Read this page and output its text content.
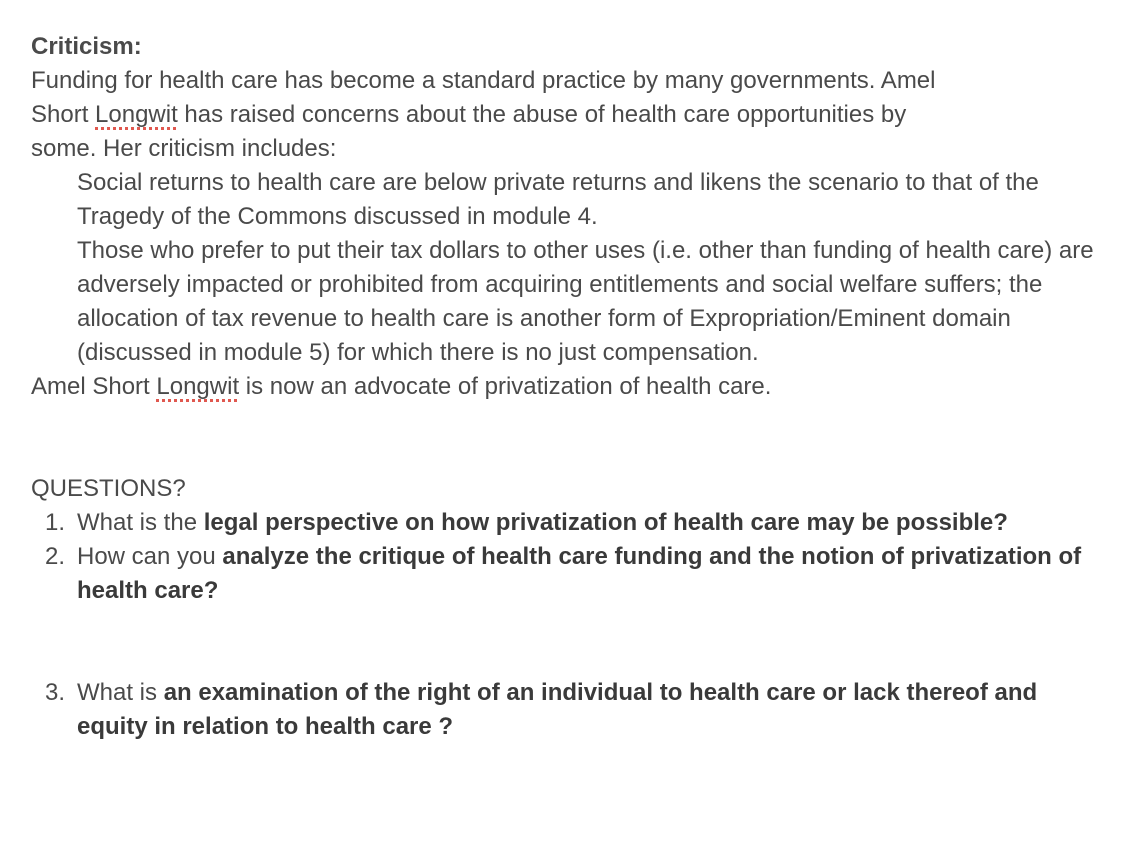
Criticism:

Funding for health care has become a standard practice by many governments. Amel
Short Longwit has raised concerns about the abuse of health care opportunities by
some. Her criticism includes:

Social returns to health care are below private returns and likens the scenario to that of the Tragedy of the Commons discussed in module 4.

Those who prefer to put their tax dollars to other uses (i.e. other than funding of health care) are adversely impacted or prohibited from acquiring entitlements and social welfare suffers; the allocation of tax revenue to health care is another form of Expropriation/Eminent domain (discussed in module 5) for which there is no just compensation.

Amel Short Longwit is now an advocate of privatization of health care.

QUESTIONS?

1. What is the legal perspective on how privatization of health care may be possible?
2. How can you analyze the critique of health care funding and the notion of privatization of health care?
3. What is an examination of the right of an individual to health care or lack thereof and equity in relation to health care ?
